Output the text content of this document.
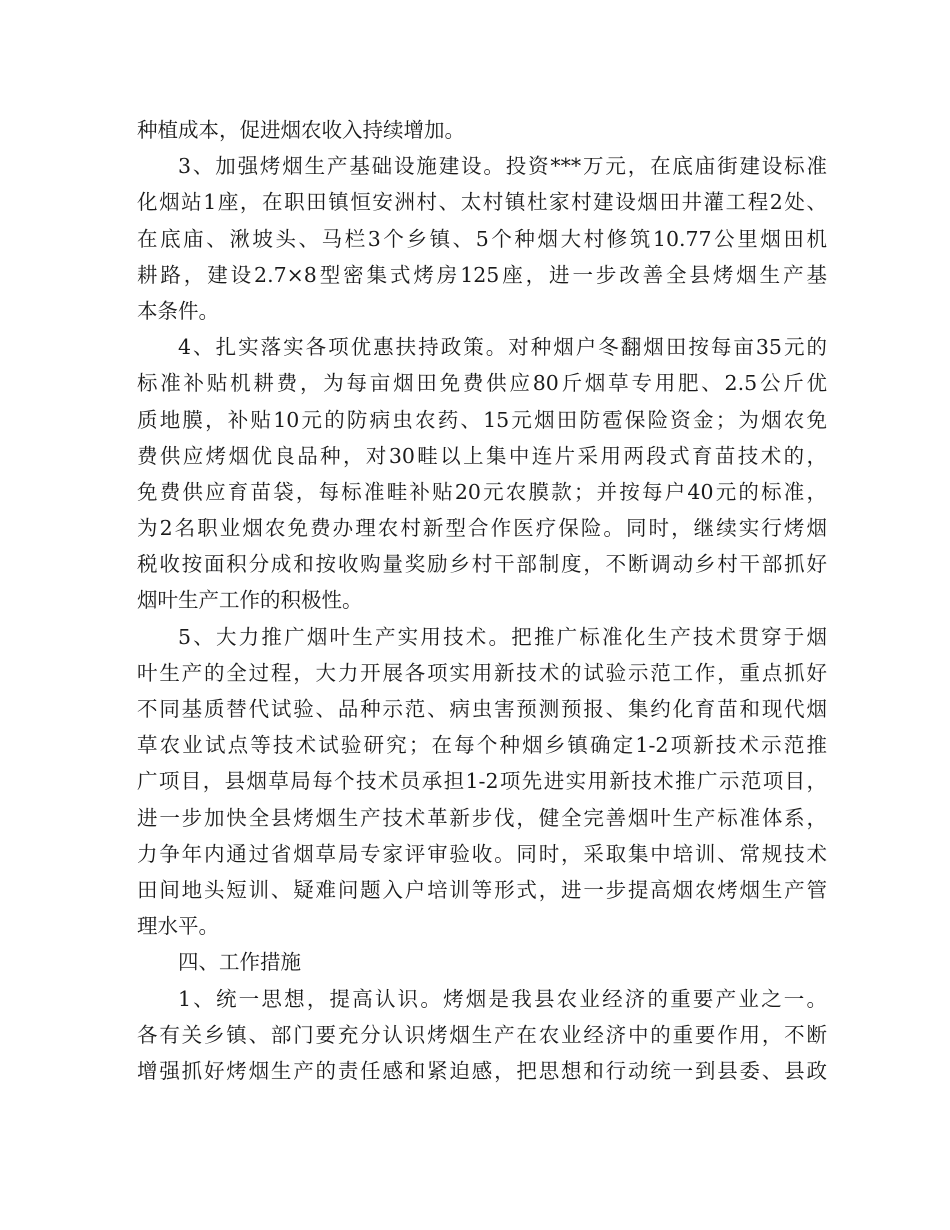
种植成本，促进烟农收入持续增加。
3、加强烤烟生产基础设施建设。投资***万元，在底庙街建设标准
化烟站1座，在职田镇恒安洲村、太村镇杜家村建设烟田井灌工程2处、
在底庙、湫坡头、马栏3个乡镇、5个种烟大村修筑10.77公里烟田机
耕路，建设2.7×8型密集式烤房125座，进一步改善全县烤烟生产基
本条件。
4、扎实落实各项优惠扶持政策。对种烟户冬翻烟田按每亩35元的
标准补贴机耕费，为每亩烟田免费供应80斤烟草专用肥、2.5公斤优
质地膜，补贴10元的防病虫农药、15元烟田防雹保险资金；为烟农免
费供应烤烟优良品种，对30畦以上集中连片采用两段式育苗技术的，
免费供应育苗袋，每标准畦补贴20元农膜款；并按每户40元的标准，
为2名职业烟农免费办理农村新型合作医疗保险。同时，继续实行烤烟
税收按面积分成和按收购量奖励乡村干部制度，不断调动乡村干部抓好
烟叶生产工作的积极性。
5、大力推广烟叶生产实用技术。把推广标准化生产技术贯穿于烟
叶生产的全过程，大力开展各项实用新技术的试验示范工作，重点抓好
不同基质替代试验、品种示范、病虫害预测预报、集约化育苗和现代烟
草农业试点等技术试验研究；在每个种烟乡镇确定1-2项新技术示范推
广项目，县烟草局每个技术员承担1-2项先进实用新技术推广示范项目，
进一步加快全县烤烟生产技术革新步伐，健全完善烟叶生产标准体系，
力争年内通过省烟草局专家评审验收。同时，采取集中培训、常规技术
田间地头短训、疑难问题入户培训等形式，进一步提高烟农烤烟生产管
理水平。
四、工作措施
1、统一思想，提高认识。烤烟是我县农业经济的重要产业之一。
各有关乡镇、部门要充分认识烤烟生产在农业经济中的重要作用，不断
增强抓好烤烟生产的责任感和紧迫感，把思想和行动统一到县委、县政
